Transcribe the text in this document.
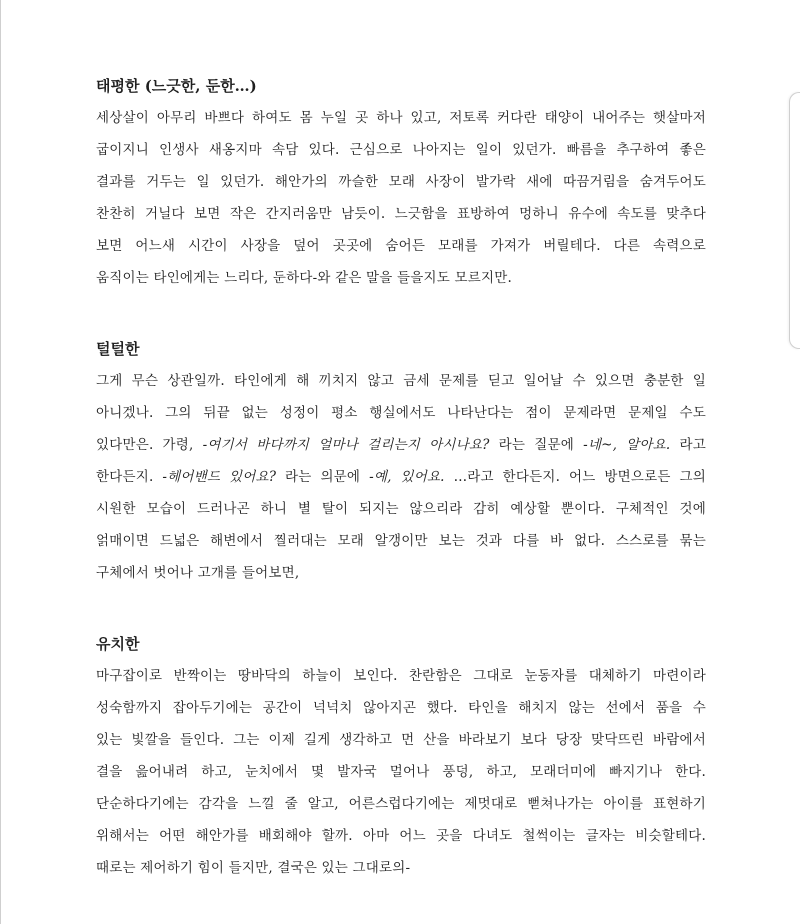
태평한 (느긋한, 둔한…)

세상살이 아무리 바쁘다 하여도 몸 누일 곳 하나 있고, 저토록 커다란 태양이 내어주는 햇살마저

굽이지니 인생사 새옹지마 속담 있다. 근심으로 나아지는 일이 있던가. 빠름을 추구하여 좋은

결과를 거두는 일 있던가. 해안가의 까슬한 모래 사장이 발가락 새에 따끔거림을 숨겨두어도

찬찬히 거닐다 보면 작은 간지러움만 남듯이. 느긋함을 표방하여 멍하니 유수에 속도를 맞추다

보면 어느새 시간이 사장을 덮어 곳곳에 숨어든 모래를 가져가 버릴테다. 다른 속력으로

움직이는 타인에게는 느리다, 둔하다-와 같은 말을 들을지도 모르지만.

털털한

그게 무슨 상관일까. 타인에게 해 끼치지 않고 금세 문제를 딛고 일어날 수 있으면 충분한 일

아니겠나. 그의 뒤끝 없는 성정이 평소 행실에서도 나타난다는 점이 문제라면 문제일 수도

있다만은. 가령, -여기서 바다까지 얼마나 걸리는지 아시나요? 라는 질문에 -네~, 알아요. 라고

한다든지. -헤어밴드 있어요? 라는 의문에 -예, 있어요. …라고 한다든지. 어느 방면으로든 그의

시원한 모습이 드러나곤 하니 별 탈이 되지는 않으리라 감히 예상할 뿐이다. 구체적인 것에

얽매이면 드넓은 해변에서 찔러대는 모래 알갱이만 보는 것과 다를 바 없다. 스스로를 묶는

구체에서 벗어나 고개를 들어보면,

유치한

마구잡이로 반짝이는 땅바닥의 하늘이 보인다. 찬란함은 그대로 눈동자를 대체하기 마련이라

성숙함까지 잡아두기에는 공간이 넉넉치 않아지곤 했다. 타인을 해치지 않는 선에서 품을 수

있는 빛깔을 들인다. 그는 이제 길게 생각하고 먼 산을 바라보기 보다 당장 맞닥뜨린 바람에서

결을 읊어내려 하고, 눈치에서 몇 발자국 멀어나 풍덩, 하고, 모래더미에 빠지기나 한다.

단순하다기에는 감각을 느낄 줄 알고, 어른스럽다기에는 제멋대로 뻗쳐나가는 아이를 표현하기

위해서는 어떤 해안가를 배회해야 할까. 아마 어느 곳을 다녀도 철썩이는 글자는 비슷할테다.

때로는 제어하기 힘이 들지만, 결국은 있는 그대로의-
